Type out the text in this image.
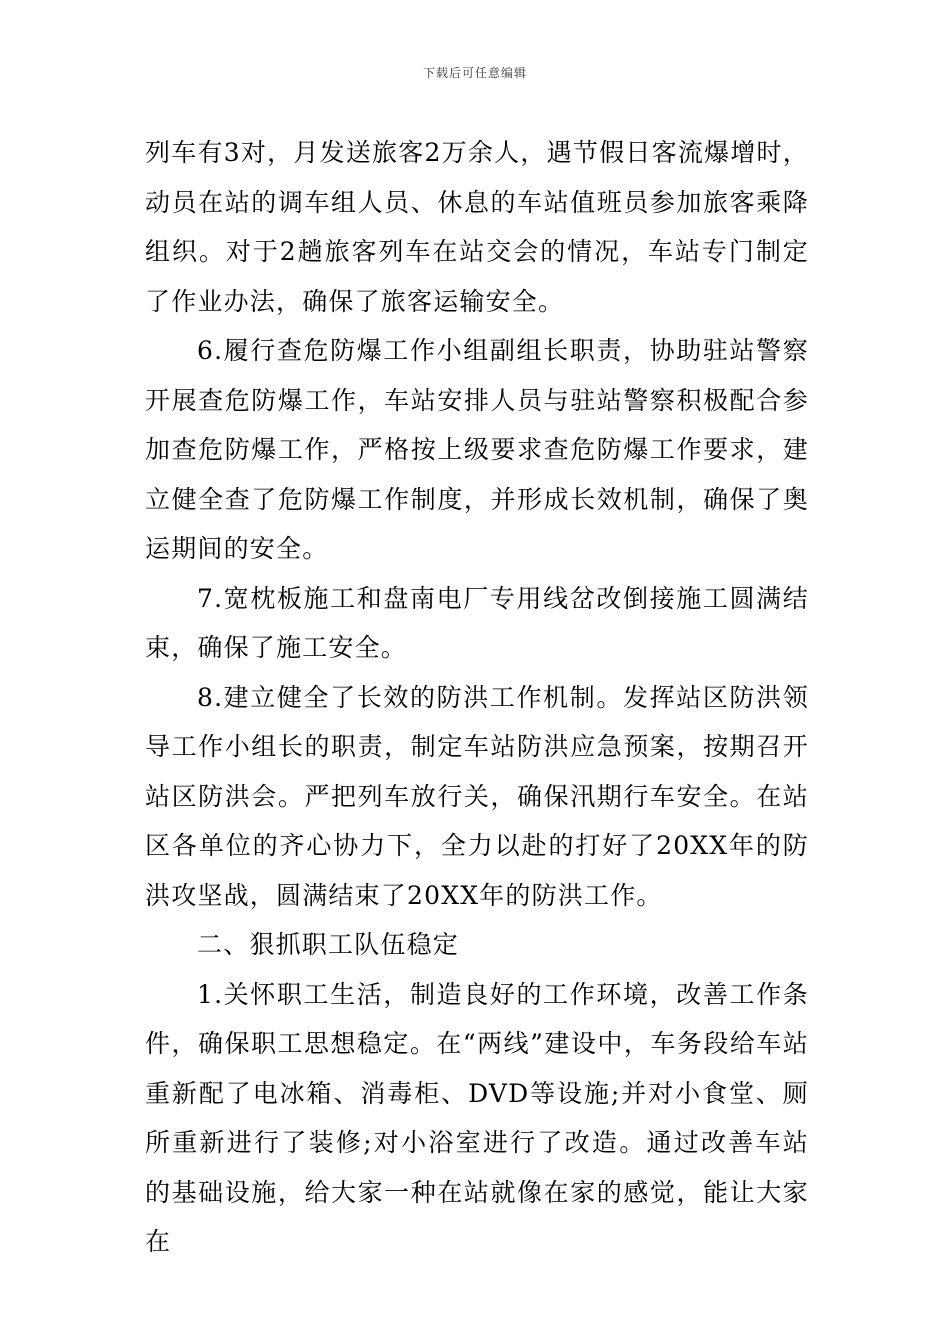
下载后可任意编辑

列车有3对，月发送旅客2万余人，遇节假日客流爆增时，动员在站的调车组人员、休息的车站值班员参加旅客乘降组织。对于2趟旅客列车在站交会的情况，车站专门制定了作业办法，确保了旅客运输安全。

6.履行查危防爆工作小组副组长职责，协助驻站警察开展查危防爆工作，车站安排人员与驻站警察积极配合参加查危防爆工作，严格按上级要求查危防爆工作要求，建立健全查了危防爆工作制度，并形成长效机制，确保了奥运期间的安全。

7.宽枕板施工和盘南电厂专用线岔改倒接施工圆满结束，确保了施工安全。

8.建立健全了长效的防洪工作机制。发挥站区防洪领导工作小组长的职责，制定车站防洪应急预案，按期召开站区防洪会。严把列车放行关，确保汛期行车安全。在站区各单位的齐心协力下，全力以赴的打好了20XX年的防洪攻坚战，圆满结束了20XX年的防洪工作。

二、狠抓职工队伍稳定

1.关怀职工生活，制造良好的工作环境，改善工作条件，确保职工思想稳定。在“两线”建设中，车务段给车站重新配了电冰箱、消毒柜、DVD等设施;并对小食堂、厕所重新进行了装修;对小浴室进行了改造。通过改善车站的基础设施，给大家一种在站就像在家的感觉，能让大家在
